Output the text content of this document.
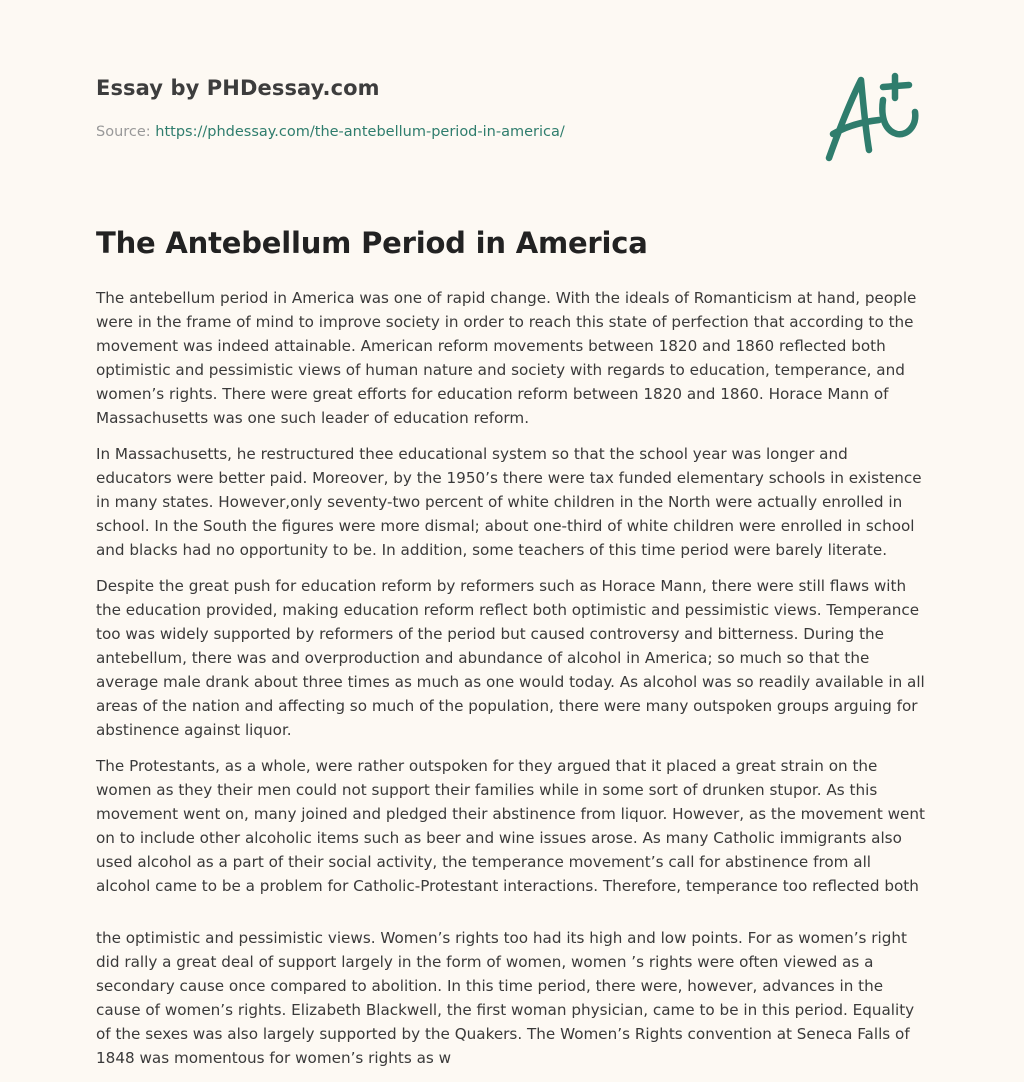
Essay by PHDessay.com

Source: https://phdessay.com/the-antebellum-period-in-america/

The Antebellum Period in America

The antebellum period in America was one of rapid change. With the ideals of Romanticism at hand, people were in the frame of mind to improve society in order to reach this state of perfection that according to the movement was indeed attainable. American reform movements between 1820 and 1860 reflected both optimistic and pessimistic views of human nature and society with regards to education, temperance, and women’s rights. There were great efforts for education reform between 1820 and 1860. Horace Mann of Massachusetts was one such leader of education reform.

In Massachusetts, he restructured thee educational system so that the school year was longer and educators were better paid. Moreover, by the 1950’s there were tax funded elementary schools in existence in many states. However,only seventy-two percent of white children in the North were actually enrolled in school. In the South the figures were more dismal; about one-third of white children were enrolled in school and blacks had no opportunity to be. In addition, some teachers of this time period were barely literate.

Despite the great push for education reform by reformers such as Horace Mann, there were still flaws with the education provided, making education reform reflect both optimistic and pessimistic views. Temperance too was widely supported by reformers of the period but caused controversy and bitterness. During the antebellum, there was and overproduction and abundance of alcohol in America; so much so that the average male drank about three times as much as one would today. As alcohol was so readily available in all areas of the nation and affecting so much of the population, there were many outspoken groups arguing for abstinence against liquor.

The Protestants, as a whole, were rather outspoken for they argued that it placed a great strain on the women as they their men could not support their families while in some sort of drunken stupor. As this movement went on, many joined and pledged their abstinence from liquor. However, as the movement went on to include other alcoholic items such as beer and wine issues arose. As many Catholic immigrants also used alcohol as a part of their social activity, the temperance movement’s call for abstinence from all alcohol came to be a problem for Catholic-Protestant interactions. Therefore, temperance too reflected both

the optimistic and pessimistic views. Women’s rights too had its high and low points. For as women’s right did rally a great deal of support largely in the form of women, women ’s rights were often viewed as a secondary cause once compared to abolition. In this time period, there were, however, advances in the cause of women’s rights. Elizabeth Blackwell, the first woman physician, came to be in this period. Equality of the sexes was also largely supported by the Quakers. The Women’s Rights convention at Seneca Falls of 1848 was momentous for women’s rights as w
